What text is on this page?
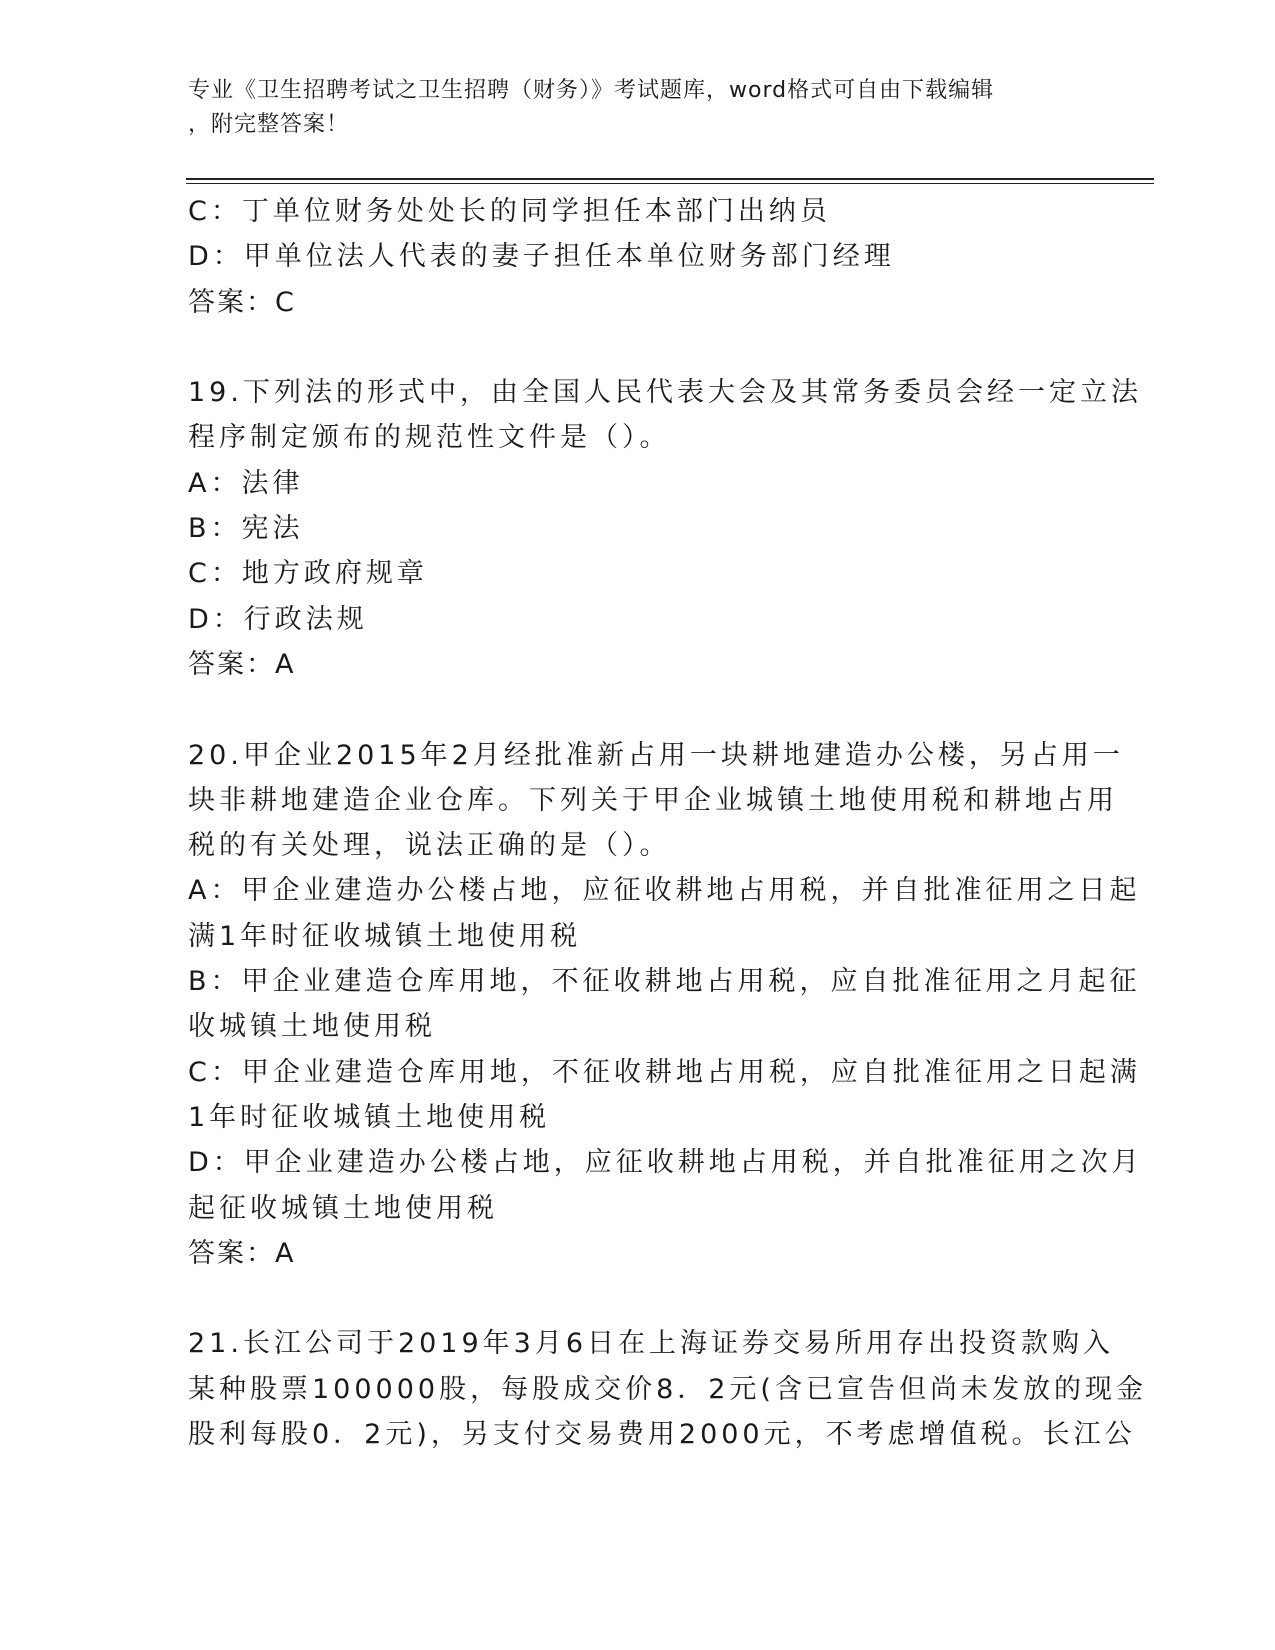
专业《卫生招聘考试之卫生招聘（财务）》考试题库，word格式可自由下载编辑
，附完整答案！
C：丁单位财务处处长的同学担任本部门出纳员
D：甲单位法人代表的妻子担任本单位财务部门经理
答案：C
19.下列法的形式中，由全国人民代表大会及其常务委员会经一定立法
程序制定颁布的规范性文件是（）。
A：法律
B：宪法
C：地方政府规章
D：行政法规
答案：A
20.甲企业2015年2月经批准新占用一块耕地建造办公楼，另占用一
块非耕地建造企业仓库。下列关于甲企业城镇土地使用税和耕地占用
税的有关处理，说法正确的是（）。
A：甲企业建造办公楼占地，应征收耕地占用税，并自批准征用之日起
满1年时征收城镇土地使用税
B：甲企业建造仓库用地，不征收耕地占用税，应自批准征用之月起征
收城镇土地使用税
C：甲企业建造仓库用地，不征收耕地占用税，应自批准征用之日起满
1年时征收城镇土地使用税
D：甲企业建造办公楼占地，应征收耕地占用税，并自批准征用之次月
起征收城镇土地使用税
答案：A
21.长江公司于2019年3月6日在上海证券交易所用存出投资款购入
某种股票100000股，每股成交价8．2元(含已宣告但尚未发放的现金
股利每股0．2元)，另支付交易费用2000元，不考虑增值税。长江公
